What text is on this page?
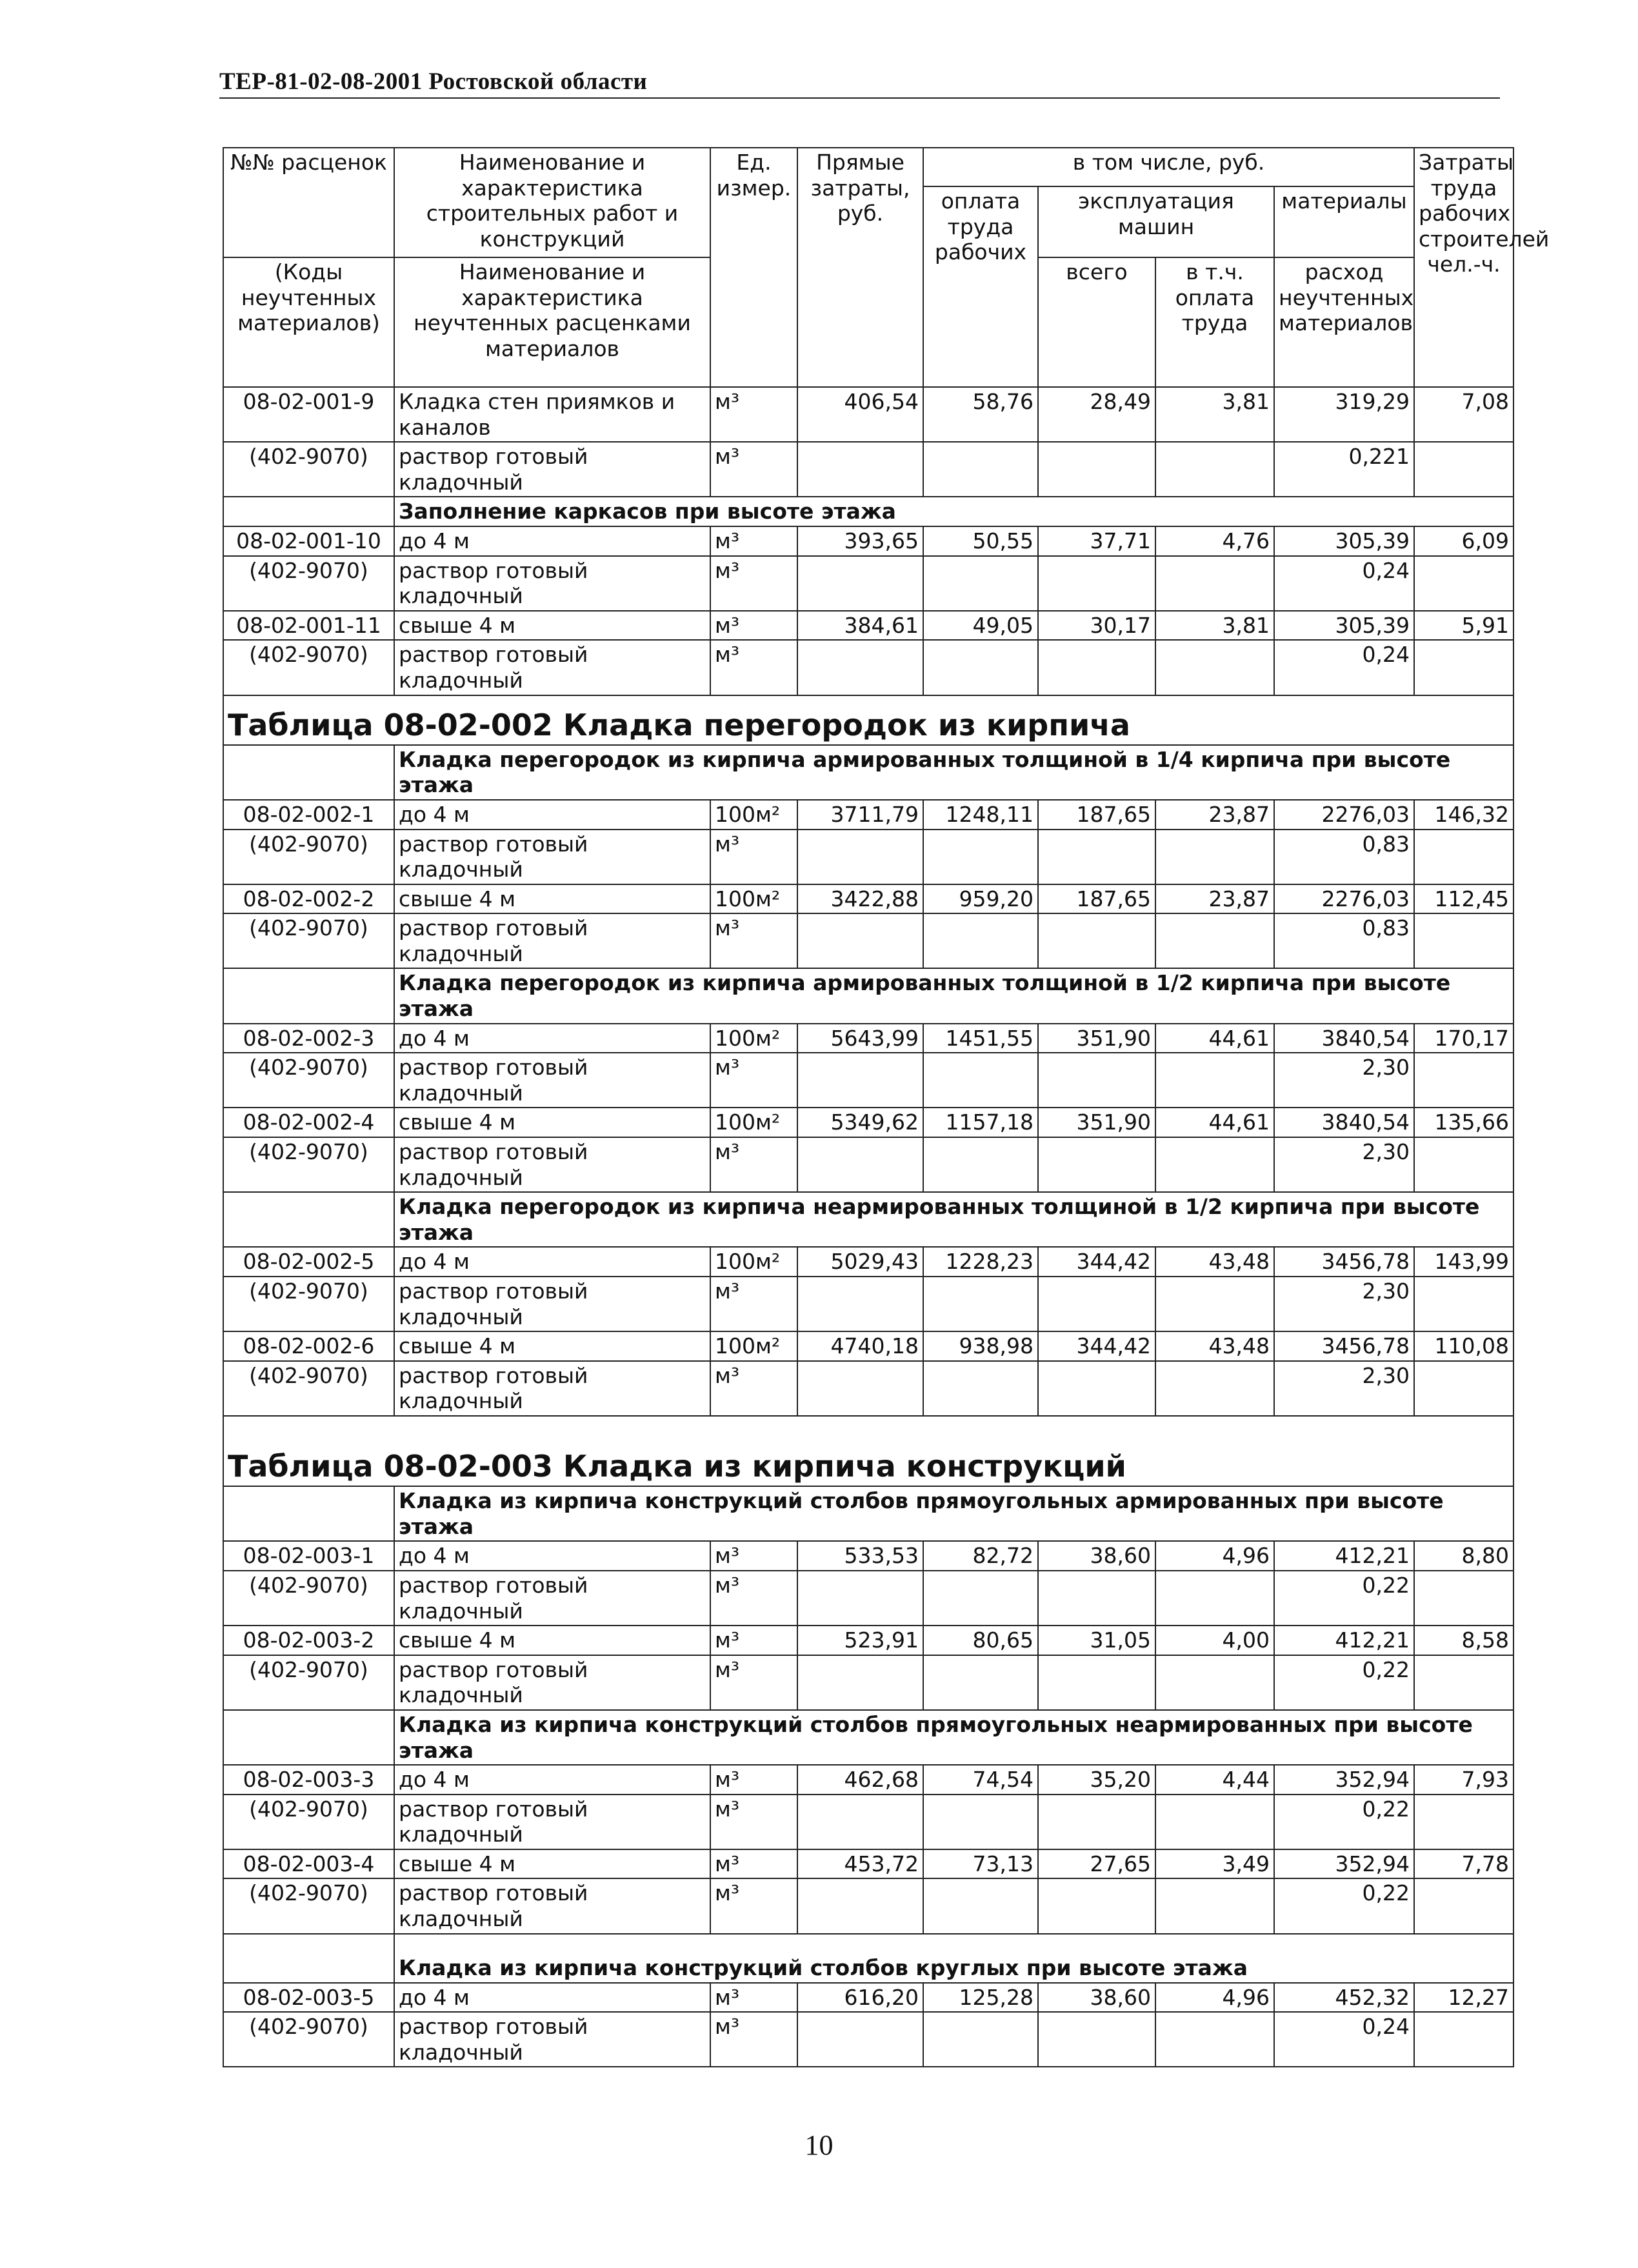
ТЕР-81-02-08-2001 Ростовской области
№№ расценок	Наименование и характеристика строительных работ и конструкций	Ед. измер.	Прямые затраты, руб.	в том числе, руб.				Затраты труда рабочих строителей чел.-ч.
				оплата труда рабочих	эксплуатация машин		материалы	
(Коды неучтенных материалов)	Наименование и характеристика неучтенных расценками материалов				всего	в т.ч. оплата труда	расход неучтенных материалов	

08-02-001-9	Кладка стен приямков и каналов	м³	406,54	58,76	28,49	3,81	319,29	7,08
(402-9070)	раствор готовый кладочный	м³					0,221	
	Заполнение каркасов при высоте этажа							
08-02-001-10	до 4 м	м³	393,65	50,55	37,71	4,76	305,39	6,09
(402-9070)	раствор готовый кладочный	м³					0,24	
08-02-001-11	свыше 4 м	м³	384,61	49,05	30,17	3,81	305,39	5,91
(402-9070)	раствор готовый кладочный	м³					0,24	
Таблица 08-02-002 Кладка перегородок из кирпича								
	Кладка перегородок из кирпича армированных толщиной в 1/4 кирпича при высоте этажа							
08-02-002-1	до 4 м	100м²	3711,79	1248,11	187,65	23,87	2276,03	146,32
(402-9070)	раствор готовый кладочный	м³					0,83	
08-02-002-2	свыше 4 м	100м²	3422,88	959,20	187,65	23,87	2276,03	112,45
(402-9070)	раствор готовый кладочный	м³					0,83	
	Кладка перегородок из кирпича армированных толщиной в 1/2 кирпича при высоте этажа							
08-02-002-3	до 4 м	100м²	5643,99	1451,55	351,90	44,61	3840,54	170,17
(402-9070)	раствор готовый кладочный	м³					2,30	
08-02-002-4	свыше 4 м	100м²	5349,62	1157,18	351,90	44,61	3840,54	135,66
(402-9070)	раствор готовый кладочный	м³					2,30	
	Кладка перегородок из кирпича неармированных толщиной в 1/2 кирпича при высоте этажа							
08-02-002-5	до 4 м	100м²	5029,43	1228,23	344,42	43,48	3456,78	143,99
(402-9070)	раствор готовый кладочный	м³					2,30	
08-02-002-6	свыше 4 м	100м²	4740,18	938,98	344,42	43,48	3456,78	110,08
(402-9070)	раствор готовый кладочный	м³					2,30	
Таблица 08-02-003 Кладка из кирпича конструкций								
	Кладка из кирпича конструкций столбов прямоугольных армированных при высоте этажа							
08-02-003-1	до 4 м	м³	533,53	82,72	38,60	4,96	412,21	8,80
(402-9070)	раствор готовый кладочный	м³					0,22	
08-02-003-2	свыше 4 м	м³	523,91	80,65	31,05	4,00	412,21	8,58
(402-9070)	раствор готовый кладочный	м³					0,22	
	Кладка из кирпича конструкций столбов прямоугольных неармированных при высоте этажа							
08-02-003-3	до 4 м	м³	462,68	74,54	35,20	4,44	352,94	7,93
(402-9070)	раствор готовый кладочный	м³					0,22	
08-02-003-4	свыше 4 м	м³	453,72	73,13	27,65	3,49	352,94	7,78
(402-9070)	раствор готовый кладочный	м³					0,22	
	Кладка из кирпича конструкций столбов круглых при высоте этажа							
08-02-003-5	до 4 м	м³	616,20	125,28	38,60	4,96	452,32	12,27
(402-9070)	раствор готовый кладочный	м³					0,24	
10
